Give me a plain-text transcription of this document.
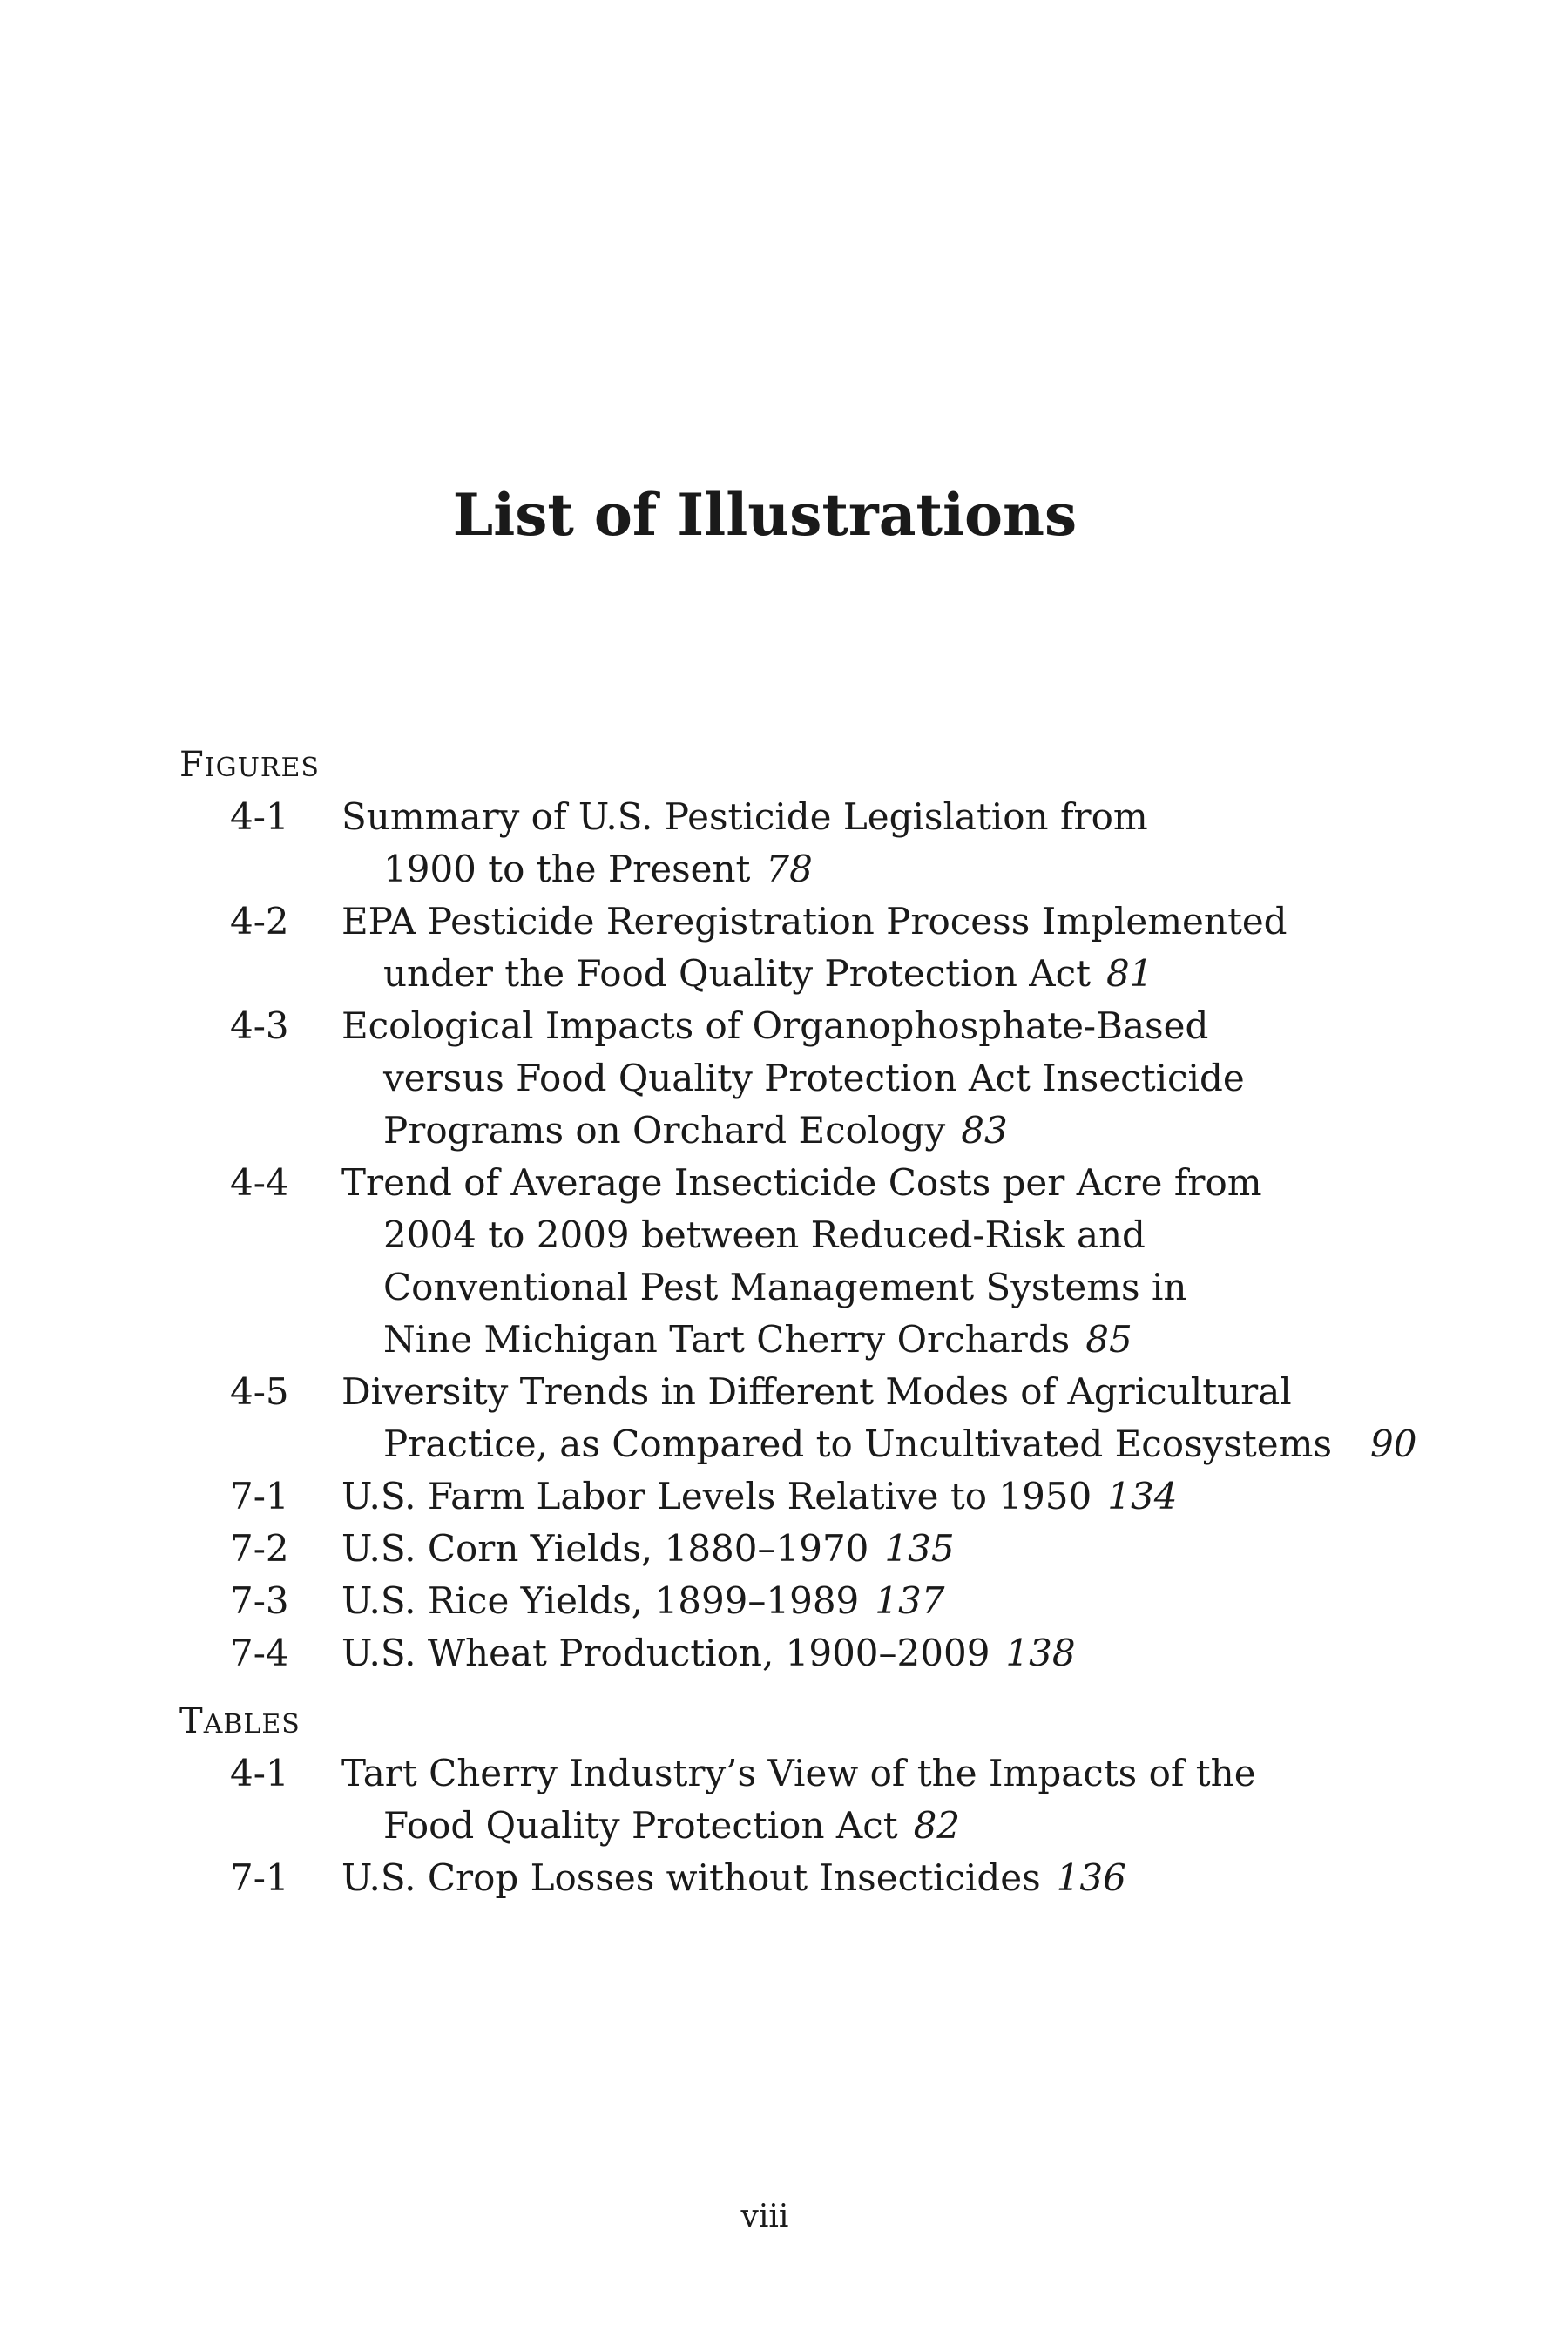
List of Illustrations
FIGURES
4-1 Summary of U.S. Pesticide Legislation from
1900 to the Present 78
4-2 EPA Pesticide Reregistration Process Implemented
under the Food Quality Protection Act 81
4-3 Ecological Impacts of Organophosphate-Based
versus Food Quality Protection Act Insecticide
Programs on Orchard Ecology 83
4-4 Trend of Average Insecticide Costs per Acre from
2004 to 2009 between Reduced-Risk and
Conventional Pest Management Systems in
Nine Michigan Tart Cherry Orchards 85
4-5 Diversity Trends in Different Modes of Agricultural
Practice, as Compared to Uncultivated Ecosystems 90
7-1 U.S. Farm Labor Levels Relative to 1950 134
7-2 U.S. Corn Yields, 1880–1970 135
7-3 U.S. Rice Yields, 1899–1989 137
7-4 U.S. Wheat Production, 1900–2009 138
TABLES
4-1 Tart Cherry Industry’s View of the Impacts of the
Food Quality Protection Act 82
7-1 U.S. Crop Losses without Insecticides 136
viii
